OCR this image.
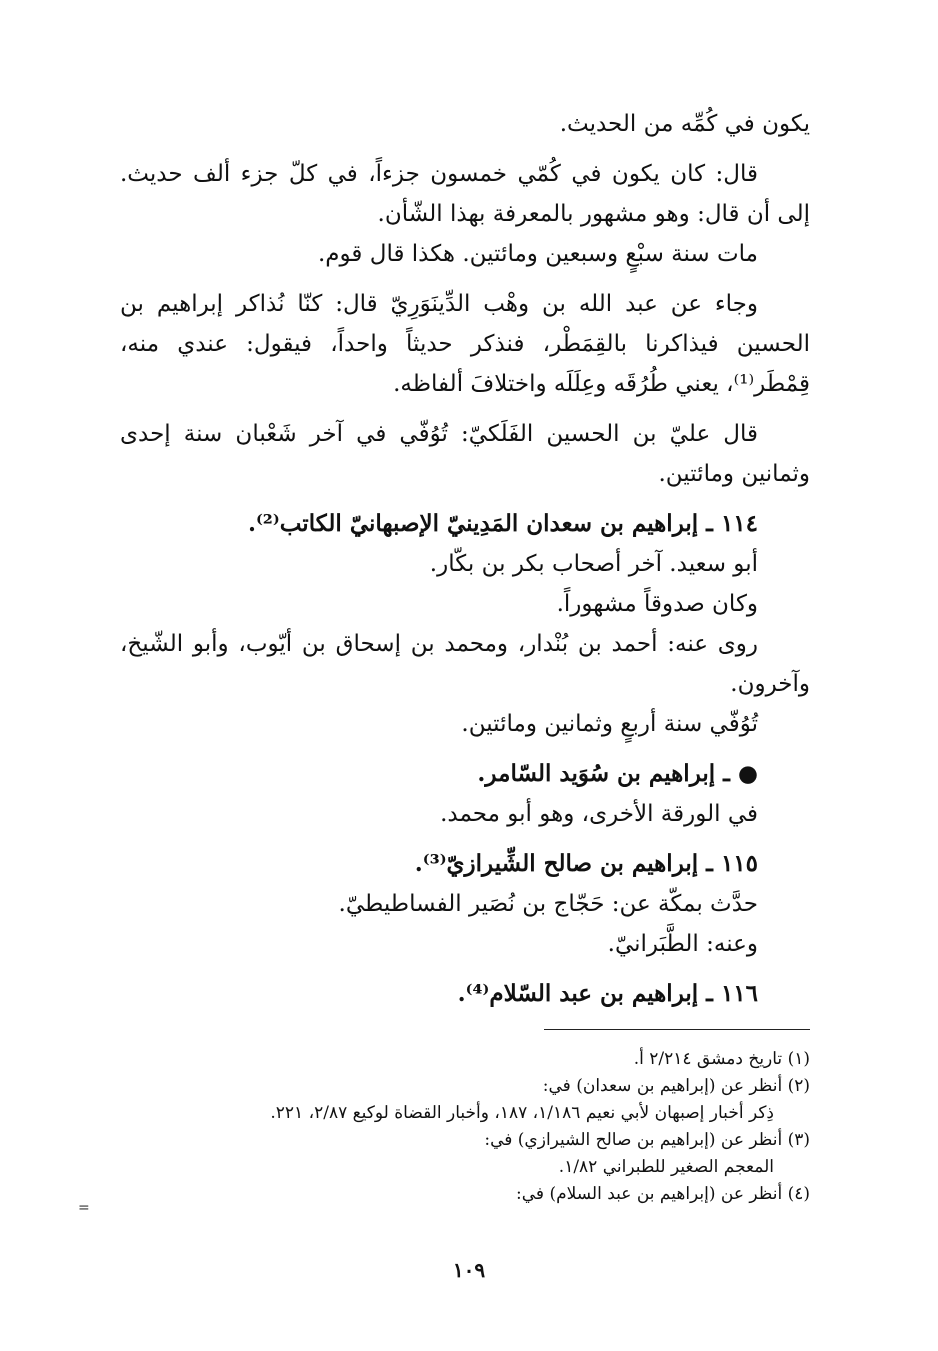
يكون في كُمِّه من الحديث.

قال: كان يكون في كُمّي خمسون جزءاً، في كلّ جزء ألف حديث. إلى أن قال: وهو مشهور بالمعرفة بهذا الشّأن.

مات سنة سبْعٍ وسبعين ومائتين. هكذا قال قوم.

وجاء عن عبد الله بن وهْب الدِّينَوَرِيّ قال: كنّا نُذاكر إبراهيم بن الحسين فيذاكرنا بالقِمَطْر، فنذكر حديثاً واحداً، فيقول: عندي منه، قِمْطَر⁽¹⁾، يعني طُرُقَه وعِلَلَه واختلافَ ألفاظه.

قال عليّ بن الحسين الفَلَكيّ: تُوُفّي في آخر شَعْبان سنة إحدى وثمانين ومائتين.

١١٤ ـ إبراهيم بن سعدان المَدِينيّ الإصبهانيّ الكاتب⁽²⁾.

أبو سعيد. آخر أصحاب بكر بن بكّار.

وكان صدوقاً مشهوراً.

روى عنه: أحمد بن بُنْدار، ومحمد بن إسحاق بن أيّوب، وأبو الشّيخ، وآخرون.

تُوُفّي سنة أربعٍ وثمانين ومائتين.

● ـ إبراهيم بن سُوَيد السّامر.

في الورقة الأخرى، وهو أبو محمد.

١١٥ ـ إبراهيم بن صالح الشِّيرازيّ⁽³⁾.

حدَّث بمكّة عن: حَجّاج بن نُصَير الفساطيطيّ.

وعنه: الطَّبَرانيّ.

١١٦ ـ إبراهيم بن عبد السّلام⁽⁴⁾.

(١) تاريخ دمشق ٢/٢١٤ أ.

(٢) أنظر عن (إبراهيم بن سعدان) في:

ذِكر أخبار إصبهان لأبي نعيم ١/١٨٦، ١٨٧، وأخبار القضاة لوكيع ٢/٨٧، ٢٢١.

(٣) أنظر عن (إبراهيم بن صالح الشيرازي) في:

المعجم الصغير للطبراني ١/٨٢.

(٤) أنظر عن (إبراهيم بن عبد السلام) في:

=
١٠٩
